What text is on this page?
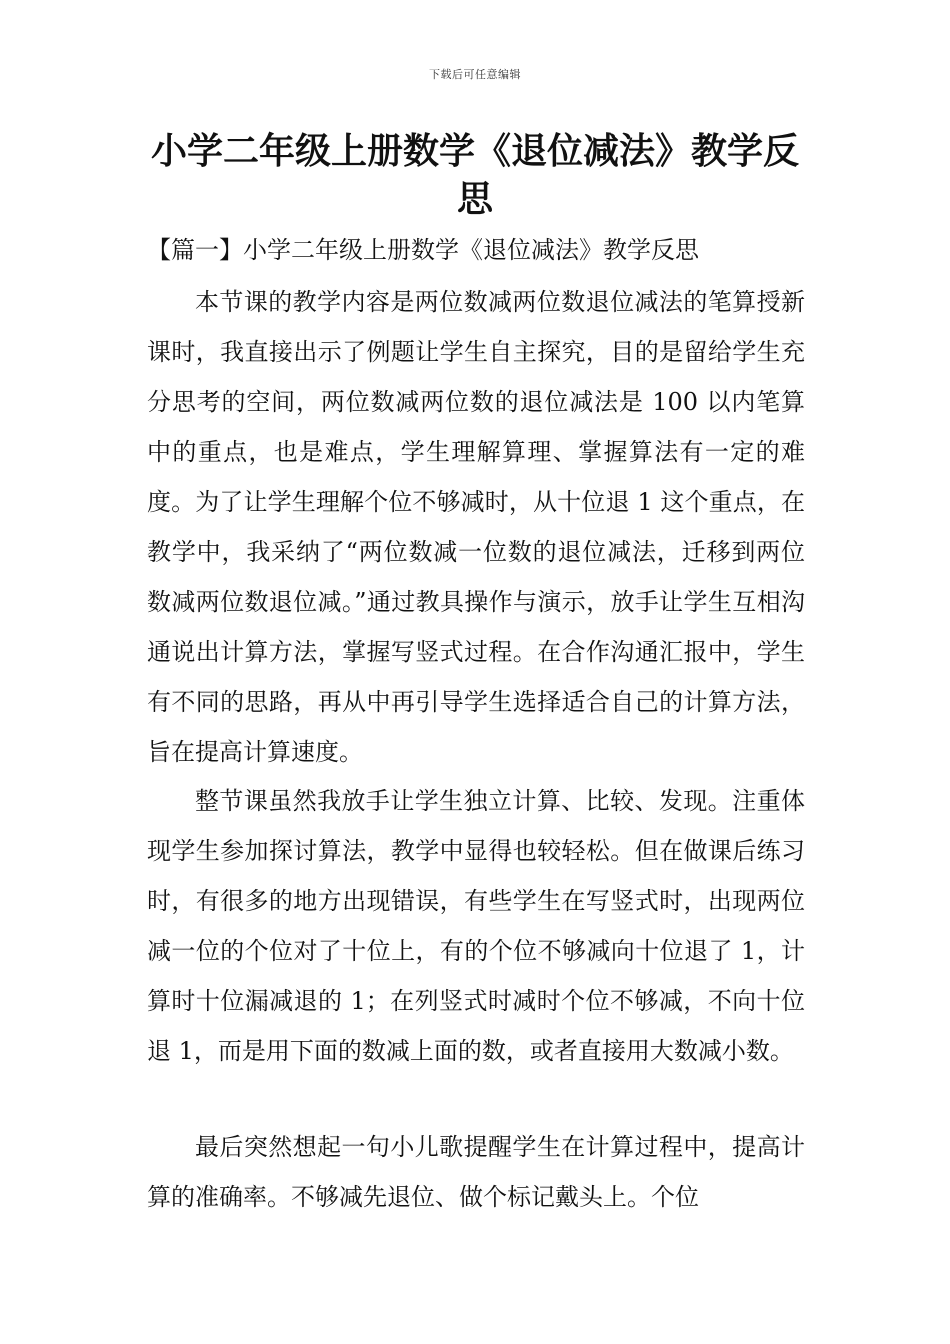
下载后可任意编辑
小学二年级上册数学《退位减法》教学反思
【篇一】小学二年级上册数学《退位减法》教学反思

本节课的教学内容是两位数减两位数退位减法的笔算授新课时，我直接出示了例题让学生自主探究，目的是留给学生充分思考的空间，两位数减两位数的退位减法是 100 以内笔算中的重点，也是难点，学生理解算理、掌握算法有一定的难度。为了让学生理解个位不够减时，从十位退 1 这个重点，在教学中，我采纳了“两位数减一位数的退位减法，迁移到两位数减两位数退位减。”通过教具操作与演示，放手让学生互相沟通说出计算方法，掌握写竖式过程。在合作沟通汇报中，学生有不同的思路，再从中再引导学生选择适合自己的计算方法，旨在提高计算速度。

整节课虽然我放手让学生独立计算、比较、发现。注重体现学生参加探讨算法，教学中显得也较轻松。但在做课后练习时，有很多的地方出现错误，有些学生在写竖式时，出现两位减一位的个位对了十位上，有的个位不够减向十位退了 1，计算时十位漏减退的 1；在列竖式时减时个位不够减，不向十位退 1，而是用下面的数减上面的数，或者直接用大数减小数。

最后突然想起一句小儿歌提醒学生在计算过程中，提高计算的准确率。不够减先退位、做个标记戴头上。个位
